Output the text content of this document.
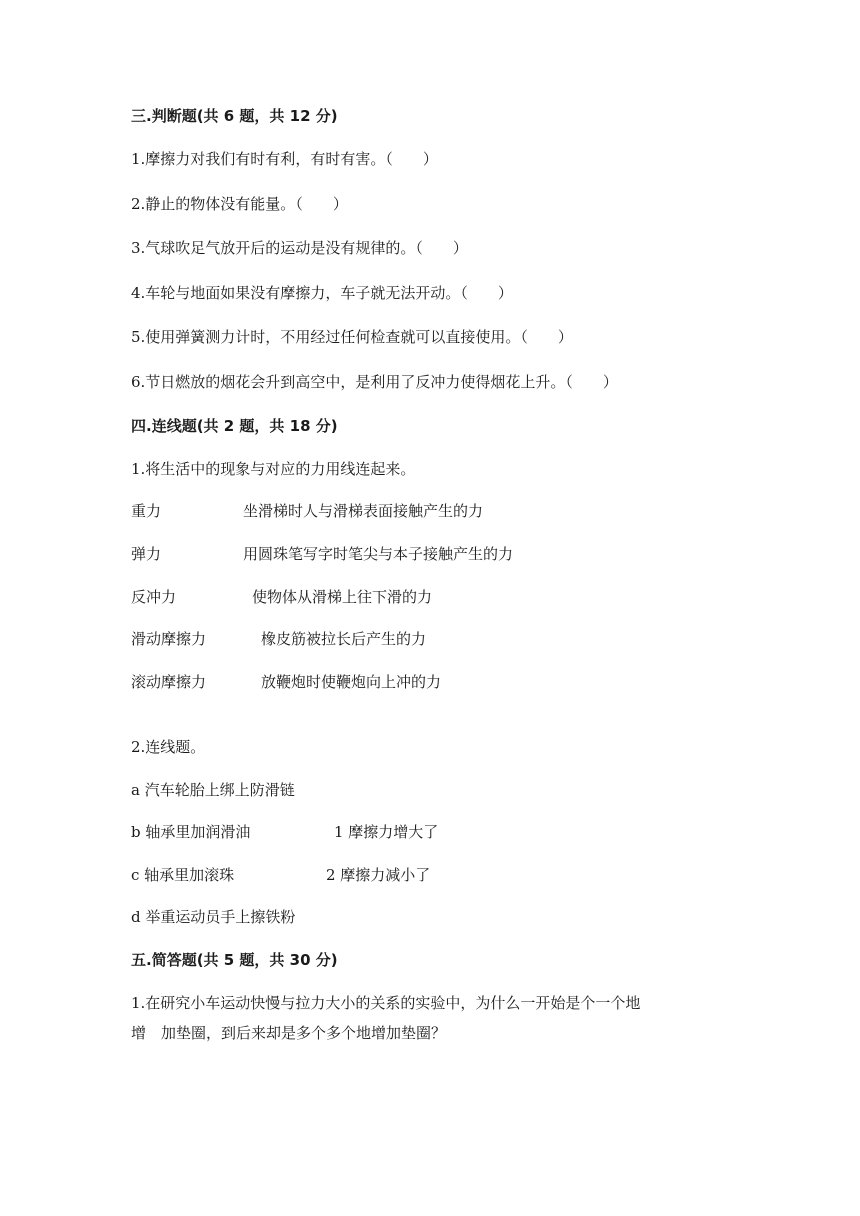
三.判断题(共 6 题，共 12 分)
1.摩擦力对我们有时有利，有时有害。（　　）
2.静止的物体没有能量。（　　）
3.气球吹足气放开后的运动是没有规律的。（　　）
4.车轮与地面如果没有摩擦力，车子就无法开动。（　　）
5.使用弹簧测力计时，不用经过任何检查就可以直接使用。（　　）
6.节日燃放的烟花会升到高空中，是利用了反冲力使得烟花上升。（　　）
四.连线题(共 2 题，共 18 分)
1.将生活中的现象与对应的力用线连起来。
重力	坐滑梯时人与滑梯表面接触产生的力
弹力	用圆珠笔写字时笔尖与本子接触产生的力
反冲力	使物体从滑梯上往下滑的力
滑动摩擦力	橡皮筋被拉长后产生的力
滚动摩擦力	放鞭炮时使鞭炮向上冲的力
2.连线题。
a 汽车轮胎上绑上防滑链
b 轴承里加润滑油	1 摩擦力增大了
c 轴承里加滚珠	2 摩擦力减小了
d 举重运动员手上擦铁粉
五.简答题(共 5 题，共 30 分)
1.在研究小车运动快慢与拉力大小的关系的实验中，为什么一开始是个一个地
增　加垫圈，到后来却是多个多个地增加垫圈？
